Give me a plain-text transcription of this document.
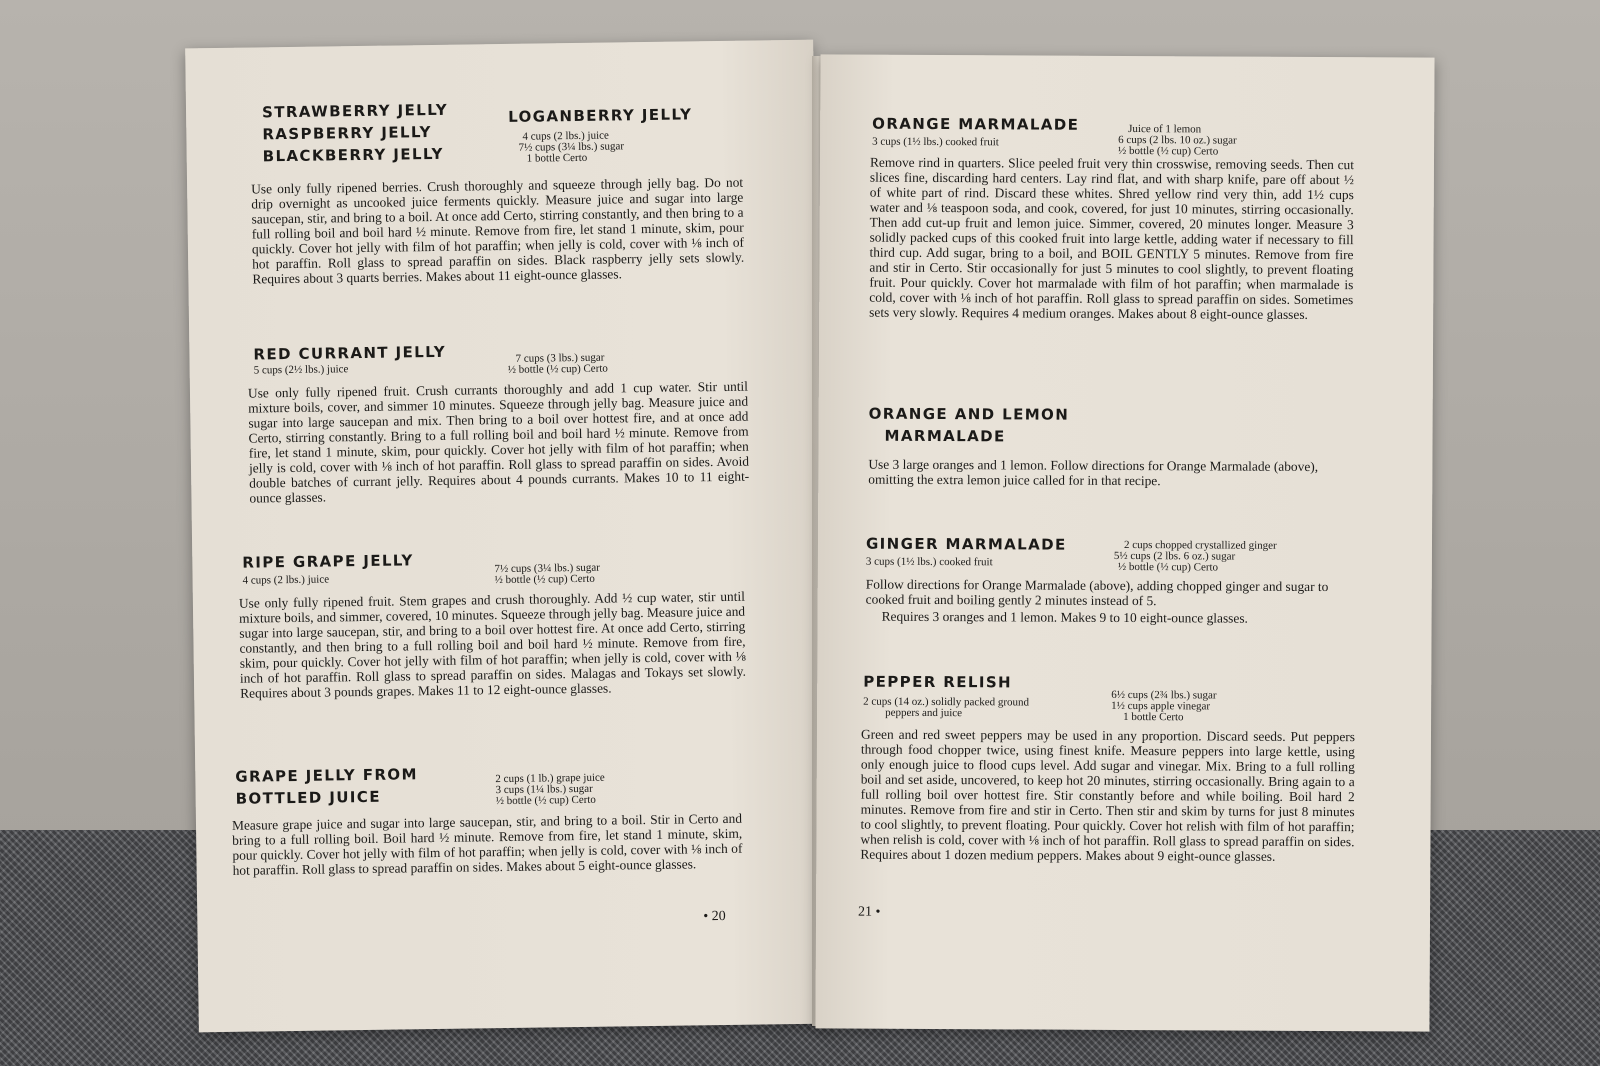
STRAWBERRY JELLY

RASPBERRY JELLY

BLACKBERRY JELLY

LOGANBERRY JELLY

4 cups (2 lbs.) juice
7½ cups (3¼ lbs.) sugar
1 bottle Certo

Use only fully ripened berries. Crush thoroughly and squeeze through jelly bag. Do not drip overnight as uncooked juice ferments quickly. Measure juice and sugar into large saucepan, stir, and bring to a boil. At once add Certo, stirring constantly, and then bring to a full rolling boil and boil hard ½ minute. Remove from fire, let stand 1 minute, skim, pour quickly. Cover hot jelly with film of hot paraffin; when jelly is cold, cover with ⅛ inch of hot paraffin. Roll glass to spread paraffin on sides. Black raspberry jelly sets slowly. Requires about 3 quarts berries. Makes about 11 eight-ounce glasses.

RED CURRANT JELLY

5 cups (2½ lbs.) juice
7 cups (3 lbs.) sugar
½ bottle (½ cup) Certo

Use only fully ripened fruit. Crush currants thoroughly and add 1 cup water. Stir until mixture boils, cover, and simmer 10 minutes. Squeeze through jelly bag. Measure juice and sugar into large saucepan and mix. Then bring to a boil over hottest fire, and at once add Certo, stirring constantly. Bring to a full rolling boil and boil hard ½ minute. Remove from fire, let stand 1 minute, skim, pour quickly. Cover hot jelly with film of hot paraffin; when jelly is cold, cover with ⅛ inch of hot paraffin. Roll glass to spread paraffin on sides. Avoid double batches of currant jelly. Requires about 4 pounds currants. Makes 10 to 11 eight-ounce glasses.

RIPE GRAPE JELLY

4 cups (2 lbs.) juice
7½ cups (3¼ lbs.) sugar
½ bottle (½ cup) Certo

Use only fully ripened fruit. Stem grapes and crush thoroughly. Add ½ cup water, stir until mixture boils, and simmer, covered, 10 minutes. Squeeze through jelly bag. Measure juice and sugar into large saucepan, stir, and bring to a boil over hottest fire. At once add Certo, stirring constantly, and then bring to a full rolling boil and boil hard ½ minute. Remove from fire, skim, pour quickly. Cover hot jelly with film of hot paraffin; when jelly is cold, cover with ⅛ inch of hot paraffin. Roll glass to spread paraffin on sides. Malagas and Tokays set slowly. Requires about 3 pounds grapes. Makes 11 to 12 eight-ounce glasses.

GRAPE JELLY FROM

BOTTLED JUICE

2 cups (1 lb.) grape juice
3 cups (1¼ lbs.) sugar
½ bottle (½ cup) Certo

Measure grape juice and sugar into large saucepan, stir, and bring to a boil. Stir in Certo and bring to a full rolling boil. Boil hard ½ minute. Remove from fire, let stand 1 minute, skim, pour quickly. Cover hot jelly with film of hot paraffin; when jelly is cold, cover with ⅛ inch of hot paraffin. Roll glass to spread paraffin on sides. Makes about 5 eight-ounce glasses.

• 20

ORANGE MARMALADE

3 cups (1½ lbs.) cooked fruit
Juice of 1 lemon
6 cups (2 lbs. 10 oz.) sugar
½ bottle (½ cup) Certo

Remove rind in quarters. Slice peeled fruit very thin crosswise, removing seeds. Then cut slices fine, discarding hard centers. Lay rind flat, and with sharp knife, pare off about ½ of white part of rind. Discard these whites. Shred yellow rind very thin, add 1½ cups water and ⅛ teaspoon soda, and cook, covered, for just 10 minutes, stirring occasionally. Then add cut-up fruit and lemon juice. Simmer, covered, 20 minutes longer. Measure 3 solidly packed cups of this cooked fruit into large kettle, adding water if necessary to fill third cup. Add sugar, bring to a boil, and BOIL GENTLY 5 minutes. Remove from fire and stir in Certo. Stir occasionally for just 5 minutes to cool slightly, to prevent floating fruit. Pour quickly. Cover hot marmalade with film of hot paraffin; when marmalade is cold, cover with ⅛ inch of hot paraffin. Roll glass to spread paraffin on sides. Sometimes sets very slowly. Requires 4 medium oranges. Makes about 8 eight-ounce glasses.

ORANGE AND LEMON

MARMALADE

Use 3 large oranges and 1 lemon. Follow directions for Orange Marmalade (above), omitting the extra lemon juice called for in that recipe.

GINGER MARMALADE

3 cups (1½ lbs.) cooked fruit
2 cups chopped crystallized ginger
5½ cups (2 lbs. 6 oz.) sugar
½ bottle (½ cup) Certo

Follow directions for Orange Marmalade (above), adding chopped ginger and sugar to cooked fruit and boiling gently 2 minutes instead of 5.

Requires 3 oranges and 1 lemon. Makes 9 to 10 eight-ounce glasses.

PEPPER RELISH

2 cups (14 oz.) solidly packed ground
peppers and juice
6½ cups (2¾ lbs.) sugar
1½ cups apple vinegar
1 bottle Certo

Green and red sweet peppers may be used in any proportion. Discard seeds. Put peppers through food chopper twice, using finest knife. Measure peppers into large kettle, using only enough juice to flood cups level. Add sugar and vinegar. Mix. Bring to a full rolling boil and set aside, uncovered, to keep hot 20 minutes, stirring occasionally. Bring again to a full rolling boil over hottest fire. Stir constantly before and while boiling. Boil hard 2 minutes. Remove from fire and stir in Certo. Then stir and skim by turns for just 8 minutes to cool slightly, to prevent floating. Pour quickly. Cover hot relish with film of hot paraffin; when relish is cold, cover with ⅛ inch of hot paraffin. Roll glass to spread paraffin on sides. Requires about 1 dozen medium peppers. Makes about 9 eight-ounce glasses.

21 •
